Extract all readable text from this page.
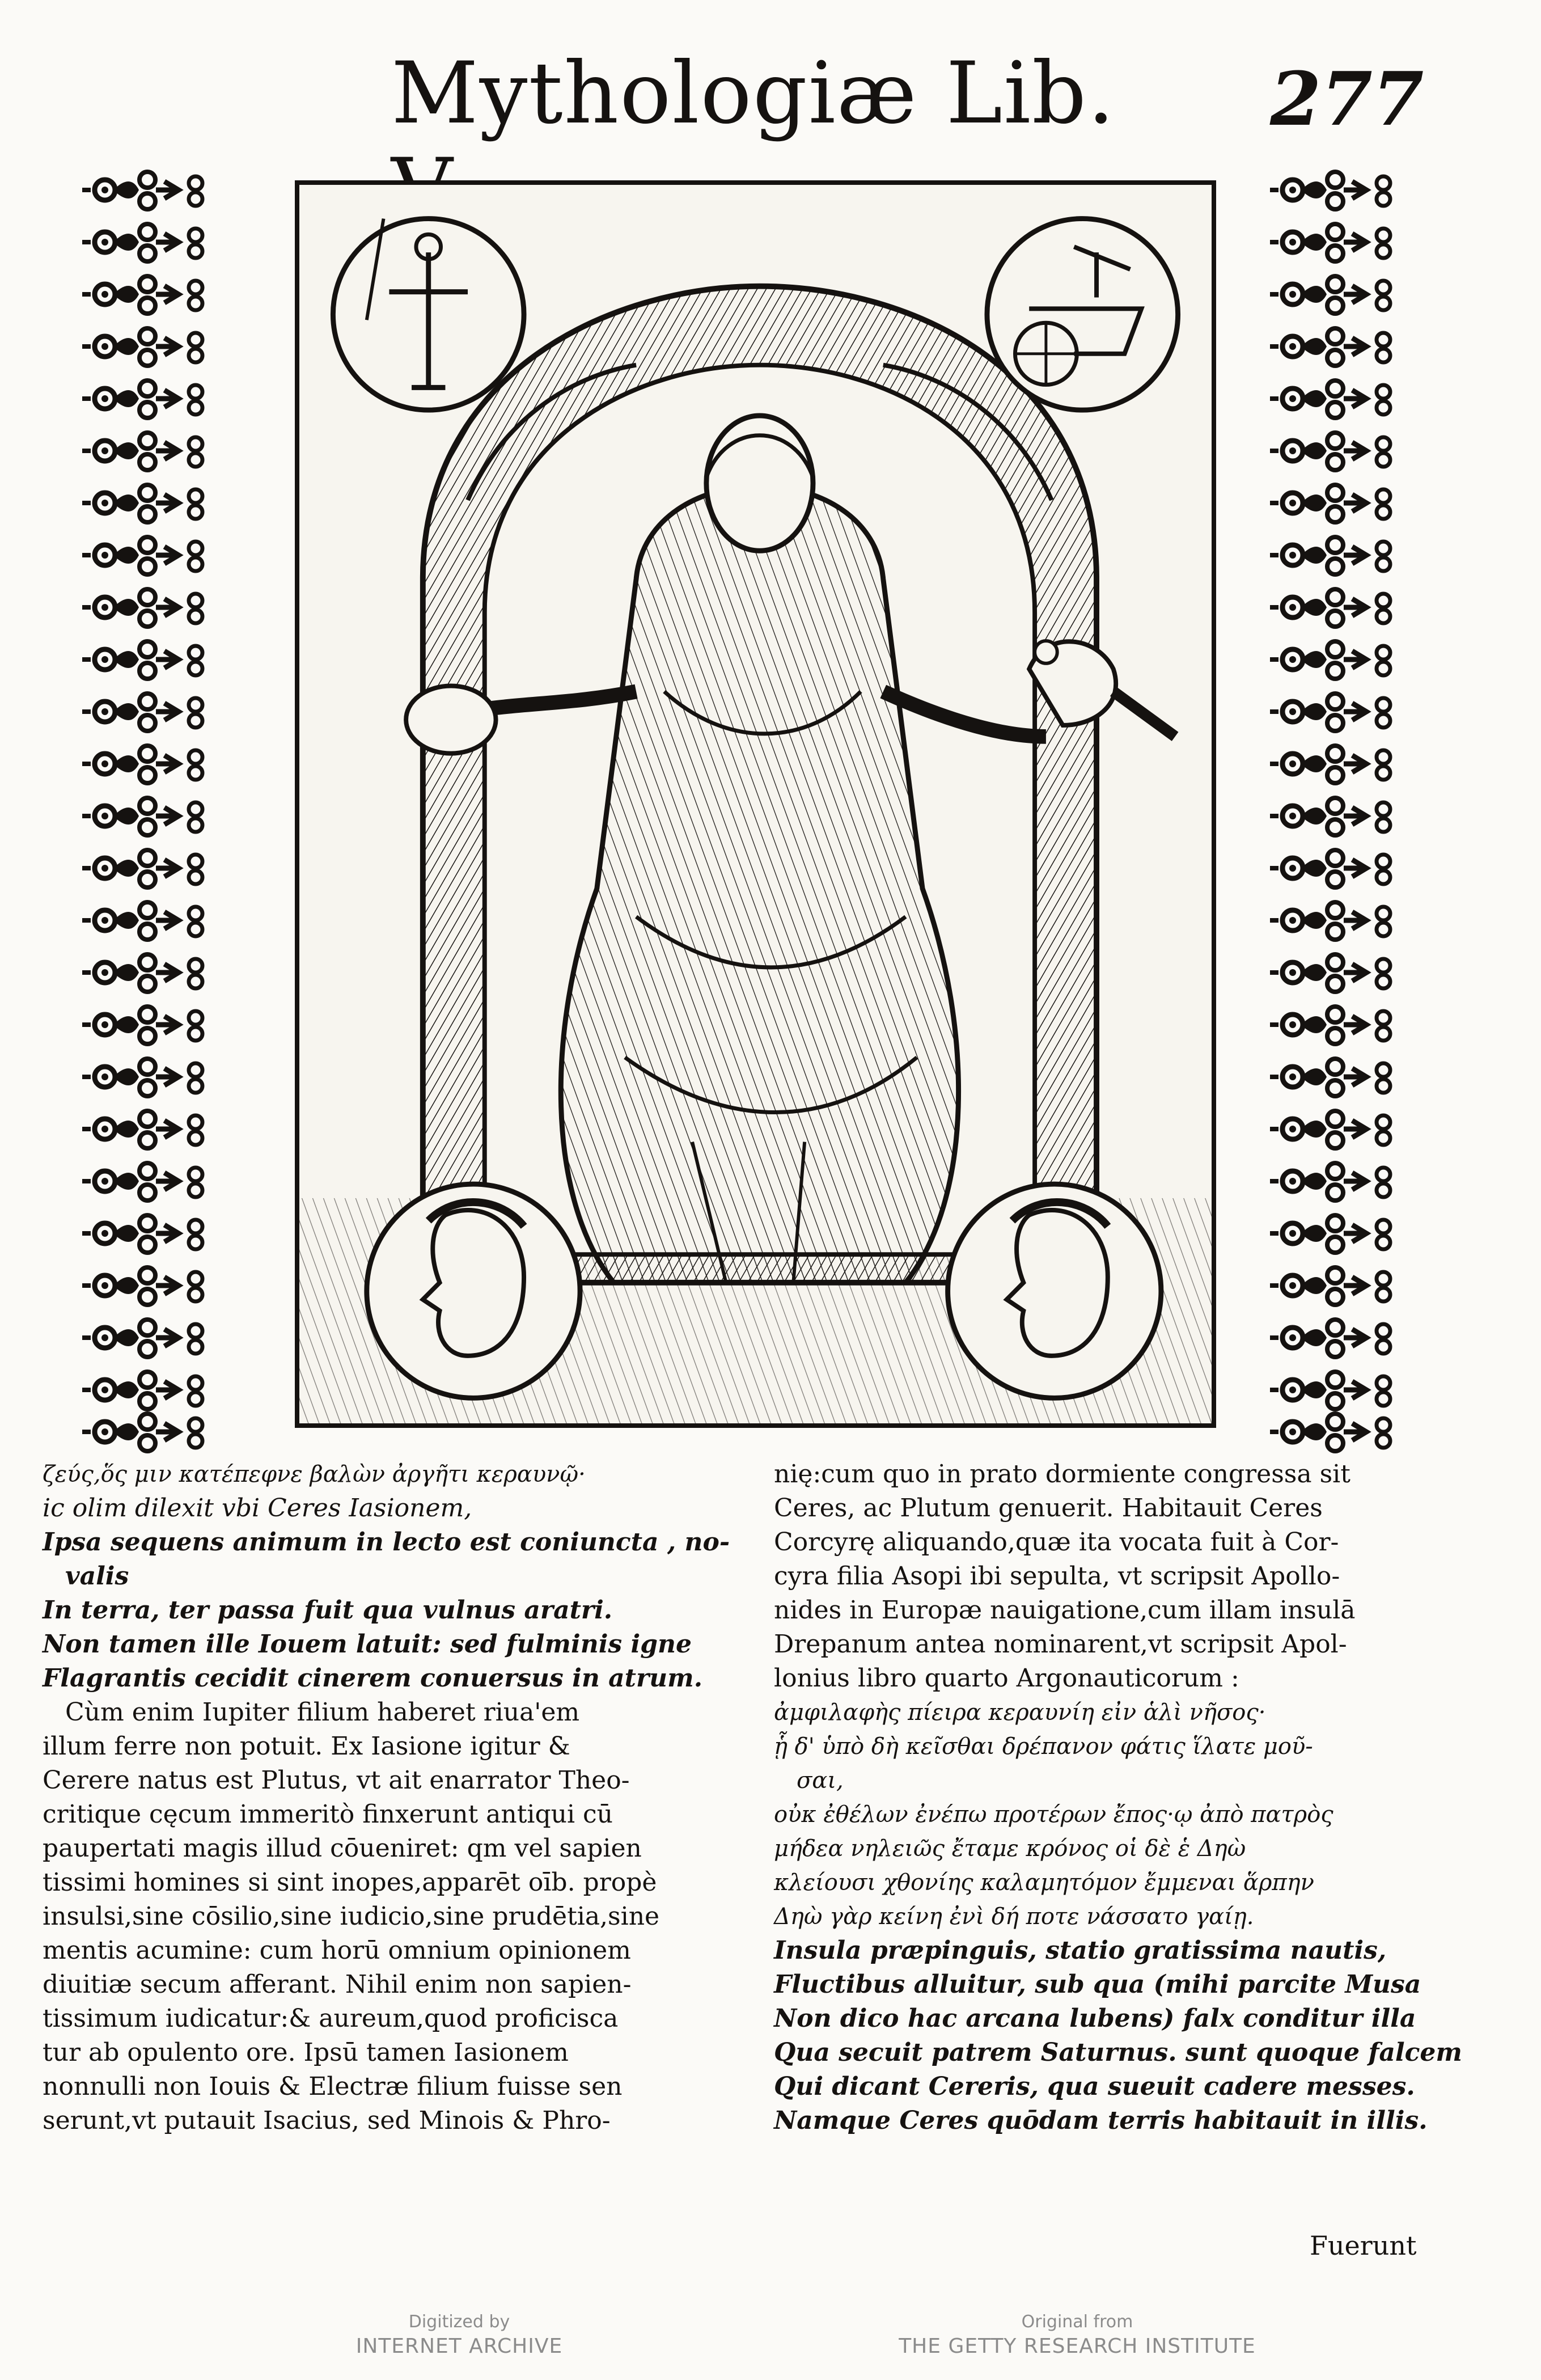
Mythologiæ Lib. 277
ζεύς,ὅς μιν κατέπεφνε βαλὼν ἀργῆτι κεραυνῷ·
ic olim dilexit vbi Ceres Iasionem,
Ipsa sequens animum in lecto est coniuncta , no-
valis
In terra, ter passa fuit qua vulnus aratri.
Non tamen ille Iouem latuit: sed fulminis igne
Flagrantis cecidit cinerem conuersus in atrum.
Cùm enim Iupiter filium haberet riua'em
illum ferre non potuit. Ex Iasione igitur &
Cerere natus est Plutus, vt ait enarrator Theo-
critique cęcum immeritò finxerunt antiqui cū
paupertati magis illud cōueniret: qm vel sapien
tissimi homines si sint inopes,apparēt oīb. propè
insulsi,sine cōsilio,sine iudicio,sine prudētia,sine
mentis acumine: cum horū omnium opinionem
diuitiæ secum afferant. Nihil enim non sapien-
tissimum iudicatur:& aureum,quod proficisca
tur ab opulento ore. Ipsū tamen Iasionem
nonnulli non Iouis & Electræ filium fuisse sen
serunt,vt putauit Isacius, sed Minois & Phro-
nię:cum quo in prato dormiente congressa sit
Ceres, ac Plutum genuerit. Habitauit Ceres
Corcyrę aliquando,quæ ita vocata fuit à Cor-
cyra filia Asopi ibi sepulta, vt scripsit Apollo-
nides in Europæ nauigatione,cum illam insulā
Drepanum antea nominarent,vt scripsit Apol-
lonius libro quarto Argonauticorum :
ἀμφιλαφὴς πίειρα κεραυνίη εἰν ἁλὶ νῆσος·
ᾗ δ' ὑπὸ δὴ κεῖσθαι δρέπανον φάτις ἵλατε μοῦ-
σαι,
οὐκ ἐθέλων ἐνέπω προτέρων ἔπος·ῳ ἀπὸ πατρὸς
μήδεα νηλειῶς ἔταμε κρόνος οἱ δὲ ἑ Δηὼ
κλείουσι χθονίης καλαμητόμον ἔμμεναι ἅρπην
Δηὼ γὰρ κείνη ἐνὶ δή ποτε νάσσατο γαίῃ.
Insula præpinguis, statio gratissima nautis,
Fluctibus alluitur, sub qua (mihi parcite Musa
Non dico hac arcana lubens) falx conditur illa
Qua secuit patrem Saturnus. sunt quoque falcem
Qui dicant Cereris, qua sueuit cadere messes.
Namque Ceres quōdam terris habitauit in illis.
Fuerunt
Digitized by
INTERNET ARCHIVE
Original from
THE GETTY RESEARCH INSTITUTE
